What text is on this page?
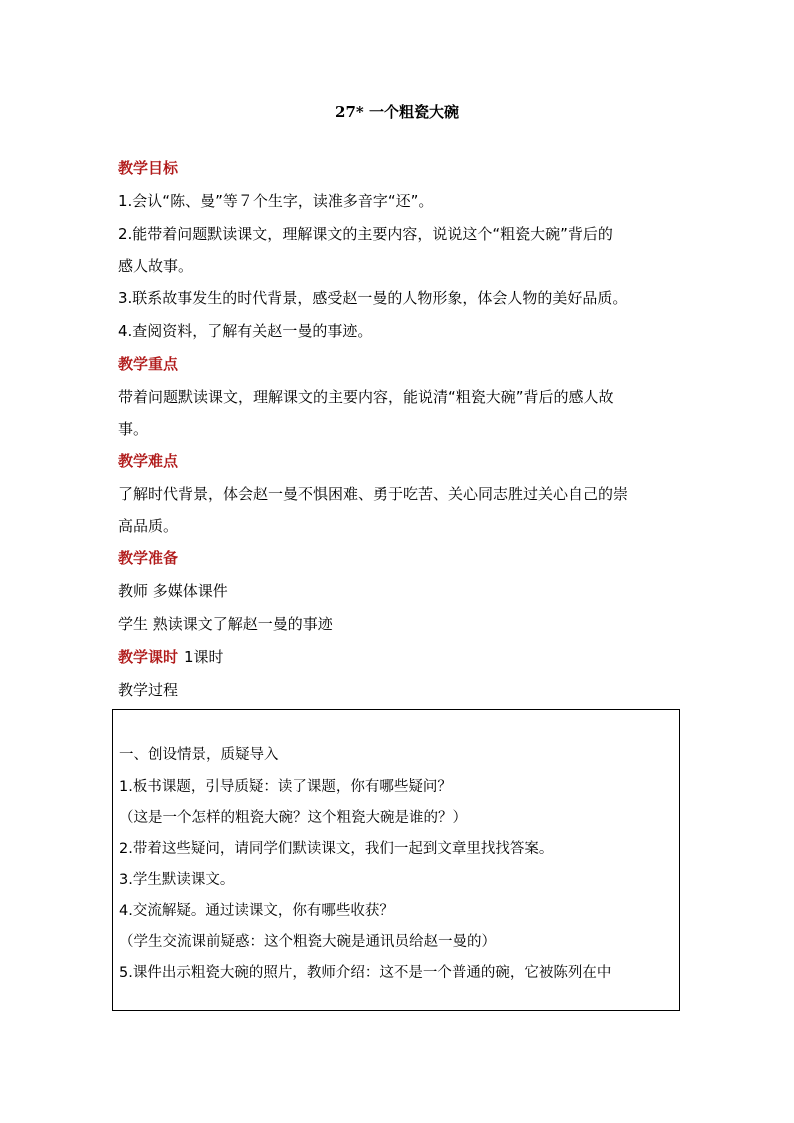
27* 一个粗瓷大碗
教学目标
1.会认“陈、曼”等７个生字，读准多音字“还”。
2.能带着问题默读课文，理解课文的主要内容，说说这个“粗瓷大碗”背后的
感人故事。
3.联系故事发生的时代背景，感受赵一曼的人物形象，体会人物的美好品质。
4.查阅资料，了解有关赵一曼的事迹。
教学重点
带着问题默读课文，理解课文的主要内容，能说清“粗瓷大碗”背后的感人故
事。
教学难点
了解时代背景，体会赵一曼不惧困难、勇于吃苦、关心同志胜过关心自己的崇
高品质。
教学准备
教师 多媒体课件
学生 熟读课文了解赵一曼的事迹
教学课时 1课时
教学过程
一、创设情景，质疑导入
1.板书课题，引导质疑：读了课题，你有哪些疑问？
（这是一个怎样的粗瓷大碗？这个粗瓷大碗是谁的？）
2.带着这些疑问，请同学们默读课文，我们一起到文章里找找答案。
3.学生默读课文。
4.交流解疑。通过读课文，你有哪些收获？
（学生交流课前疑惑：这个粗瓷大碗是通讯员给赵一曼的）
5.课件出示粗瓷大碗的照片，教师介绍：这不是一个普通的碗，它被陈列在中
